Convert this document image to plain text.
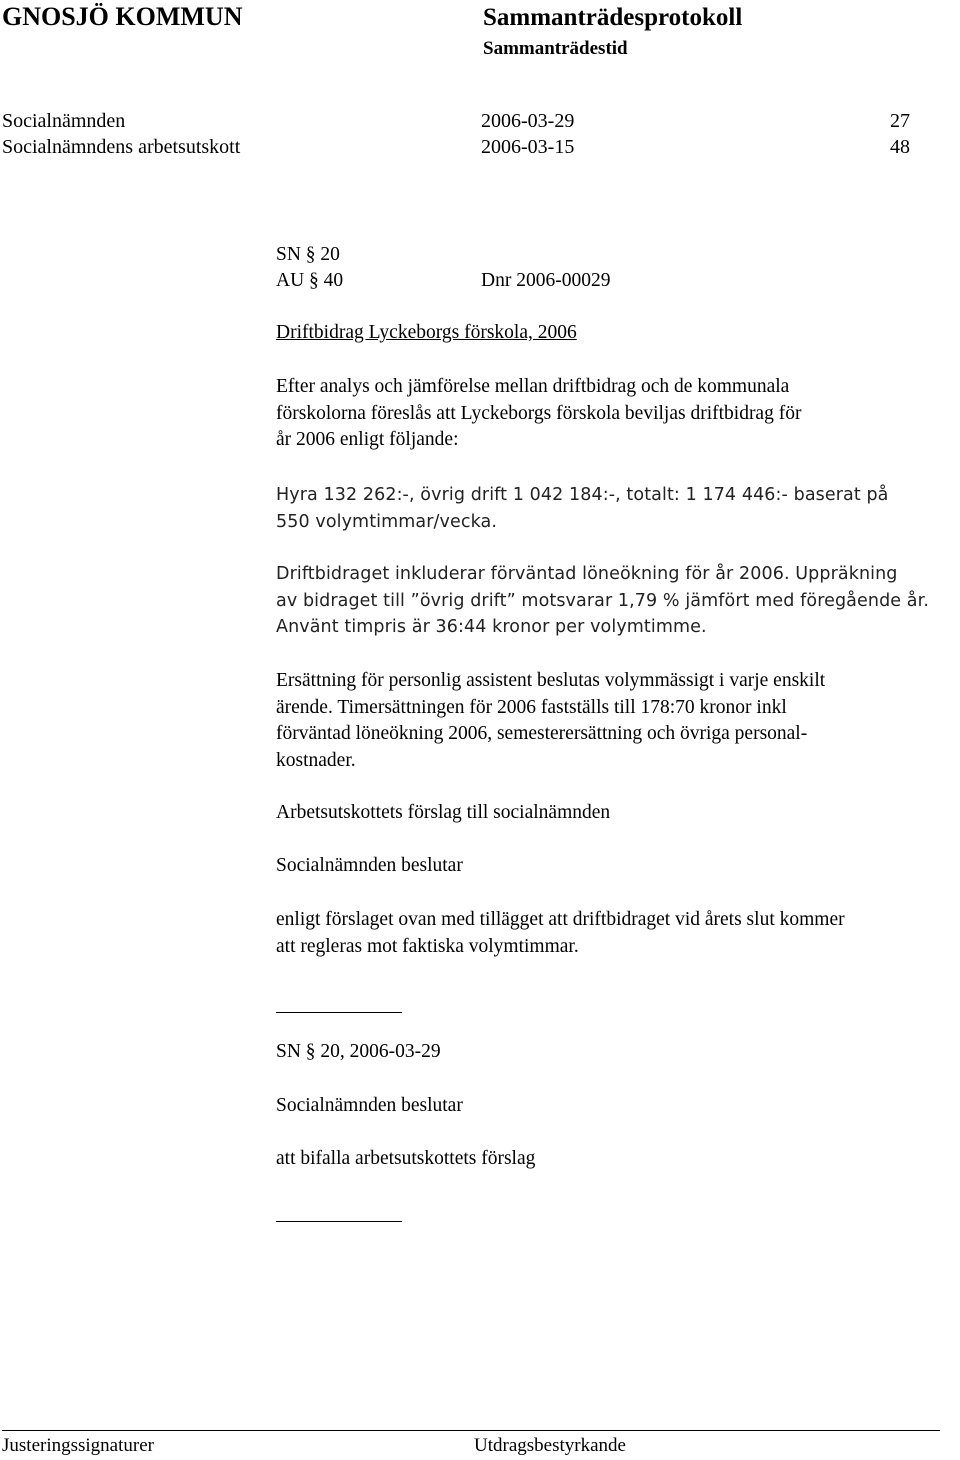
GNOSJÖ KOMMUN	Sammanträdesprotokoll
Sammanträdestid
Socialnämnden	2006-03-29	27
Socialnämndens arbetsutskott	2006-03-15	48
SN § 20
AU § 40	Dnr 2006-00029
Driftbidrag Lyckeborgs förskola, 2006
Efter analys och jämförelse mellan driftbidrag och de kommunala
förskolorna föreslås att Lyckeborgs förskola beviljas driftbidrag för
år 2006 enligt följande:
Hyra 132 262:-, övrig drift 1 042 184:-, totalt: 1 174 446:- baserat på
550 volymtimmar/vecka.
Driftbidraget inkluderar förväntad löneökning för år 2006. Uppräkning
av bidraget till ”övrig drift” motsvarar 1,79 % jämfört med föregående år.
Använt timpris är 36:44 kronor per volymtimme.
Ersättning för personlig assistent beslutas volymmässigt i varje enskilt
ärende. Timersättningen för 2006 fastställs till 178:70 kronor inkl
förväntad löneökning 2006, semesterersättning och övriga personal-
kostnader.
Arbetsutskottets förslag till socialnämnden
Socialnämnden beslutar
enligt förslaget ovan med tillägget att driftbidraget vid årets slut kommer
att regleras mot faktiska volymtimmar.
SN § 20, 2006-03-29
Socialnämnden beslutar
att bifalla arbetsutskottets förslag
Justeringssignaturer	Utdragsbestyrkande
